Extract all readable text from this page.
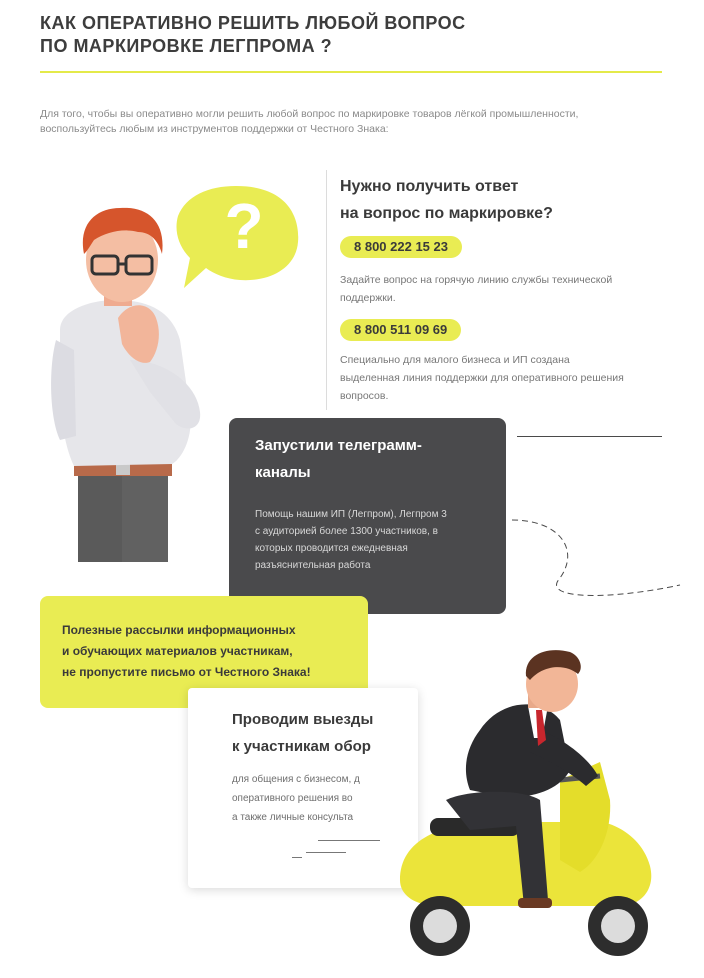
КАК ОПЕРАТИВНО РЕШИТЬ ЛЮБОЙ ВОПРОС
ПО МАРКИРОВКЕ ЛЕГПРОМА ?
Для того, чтобы вы оперативно могли решить любой вопрос по маркировке товаров лёгкой промышленности,
воспользуйтесь любым из инструментов поддержки от Честного Знака:
?
Нужно получить ответ
на вопрос по маркировке?
8 800 222 15 23
Задайте вопрос на горячую линию службы технической
поддержки.
8 800 511 09 69
Специально для малого бизнеса и ИП создана
выделенная линия поддержки для оперативного решения
вопросов.
Запустили телеграмм-
каналы
Помощь нашим ИП (Легпром), Легпром 3
с аудиторией более 1300 участников, в
которых проводится ежедневная
разъяснительная работа
Проводим выезды
к участникам обор
для общения с бизнесом, д
оперативного решения во
а также личные консульта
Полезные рассылки информационных
и обучающих материалов участникам,
не пропустите письмо от Честного Знака!
